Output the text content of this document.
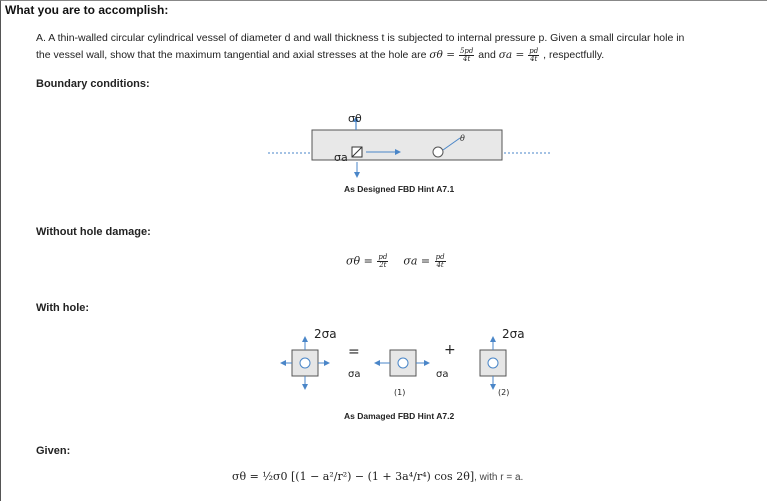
What you are to accomplish:
A. A thin-walled circular cylindrical vessel of diameter d and wall thickness t is subjected to internal pressure p. Given a small circular hole in
the vessel wall, show that the maximum tangential and axial stresses at the hole are $\sigma\theta = \frac{5pd}{4t}$ and $\sigma a = \frac{pd}{4t}$ , respectfully.
Boundary conditions:
σa
σθ
θ
As Designed FBD Hint A7.1
Without hole damage:
$\sigma\theta = \frac{pd}{2t}$ $\sigma a = \frac{pd}{4t}$
With hole:
2σa
=
σa
+
σa
2σa
(1)	(2)
As Damaged FBD Hint A7.2
Given:
σθ = ½σ0 [(1 − a²/r²) − (1 + 3a⁴/r⁴) cos 2θ], with r = a.
